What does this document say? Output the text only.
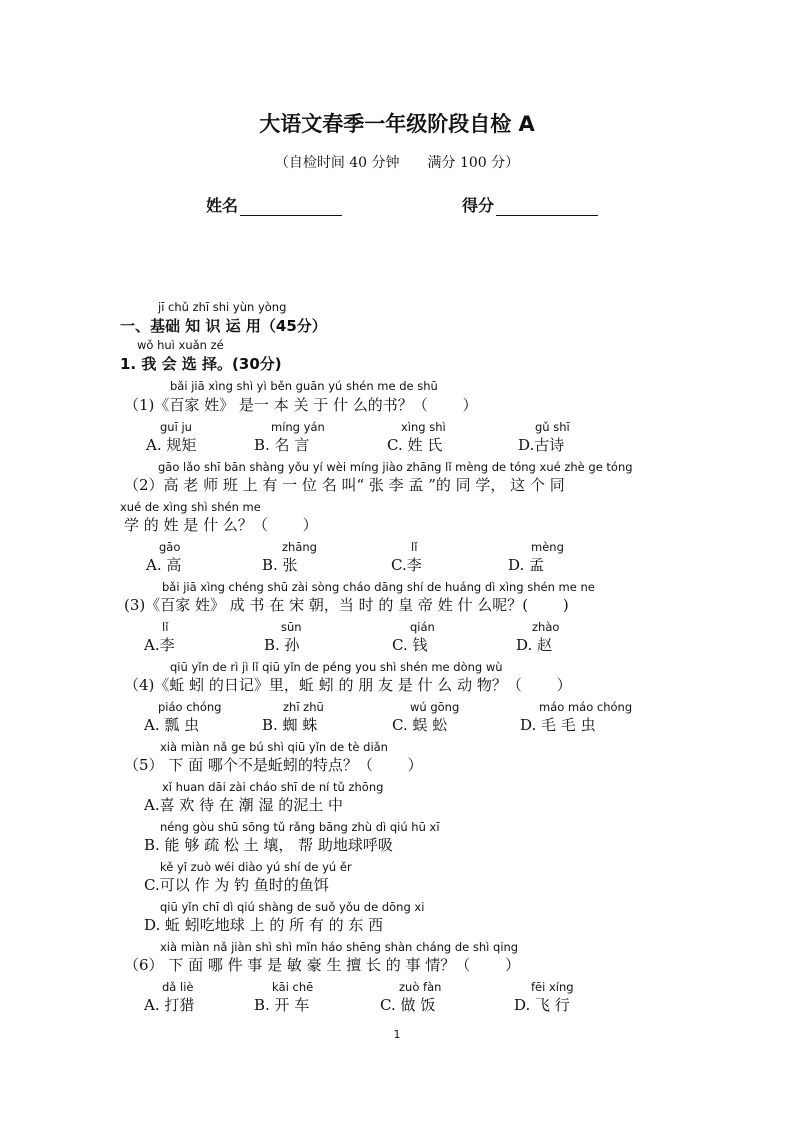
大语文春季一年级阶段自检 A
（自检时间 40 分钟　　满分 100 分）
姓名	得分
jī chǔ zhī shi yùn yòng
一、基础 知 识 运 用（45分）
wǒ huì xuǎn zé
1. 我 会 选 择。(30分)
bǎi jiā xìng shì yì běn guān yú shén me de shū
（1)《百家 姓》 是一 本 关 于 什 么的书？（　　 ）
guī ju
A. 规矩
míng yán
B. 名 言
xìng shì
C. 姓 氏
gǔ shī
D.古诗
gāo lǎo shī bān shàng yǒu yí wèi míng jiào zhāng lǐ mèng de tóng xué zhè ge tóng
（2）高 老 师 班 上 有 一 位 名 叫“ 张 李 孟 ”的 同 学， 这 个 同
xué de xìng shì shén me
学 的 姓 是 什 么？（　　 ）
gāo
A. 高
zhāng
B. 张
lǐ
C.李
mèng
D. 孟
bǎi jiā xìng chéng shū zài sòng cháo dāng shí de huáng dì xìng shén me ne
(3)《百家 姓》 成 书 在 宋 朝，当 时 的 皇 帝 姓 什 么呢？(　　 )
lǐ
A.李
sūn
B. 孙
qián
C. 钱
zhào
D. 赵
qiū yǐn de rì jì lǐ qiū yǐn de péng you shì shén me dòng wù
（4)《蚯 蚓 的日记》里，蚯 蚓 的 朋 友 是 什 么 动 物？（　　 ）
piáo chóng
A. 瓢 虫
zhī zhū
B. 蜘 蛛
wú gōng
C. 蜈 蚣
máo máo chóng
D. 毛 毛 虫
xià miàn nǎ ge bú shì qiū yǐn de tè diǎn
（5） 下 面 哪个不是蚯蚓的特点？（　　 ）
xǐ huan dāi zài cháo shī de ní tǔ zhōng
A.喜 欢 待 在 潮 湿 的泥土 中
néng gòu shū sōng tǔ rǎng bāng zhù dì qiú hū xī
B. 能 够 疏 松 土 壤， 帮 助地球呼吸
kě yǐ zuò wéi diào yú shí de yú ěr
C.可以 作 为 钓 鱼时的鱼饵
qiū yǐn chī dì qiú shàng de suǒ yǒu de dōng xi
D. 蚯 蚓吃地球 上 的 所 有 的 东 西
xià miàn nǎ jiàn shì shì mǐn háo shēng shàn cháng de shì qing
（6） 下 面 哪 件 事 是 敏 豪 生 擅 长 的 事 情？（　　 ）
dǎ liè
A. 打猎
kāi chē
B. 开 车
zuò fàn
C. 做 饭
fēi xíng
D. 飞 行
1
